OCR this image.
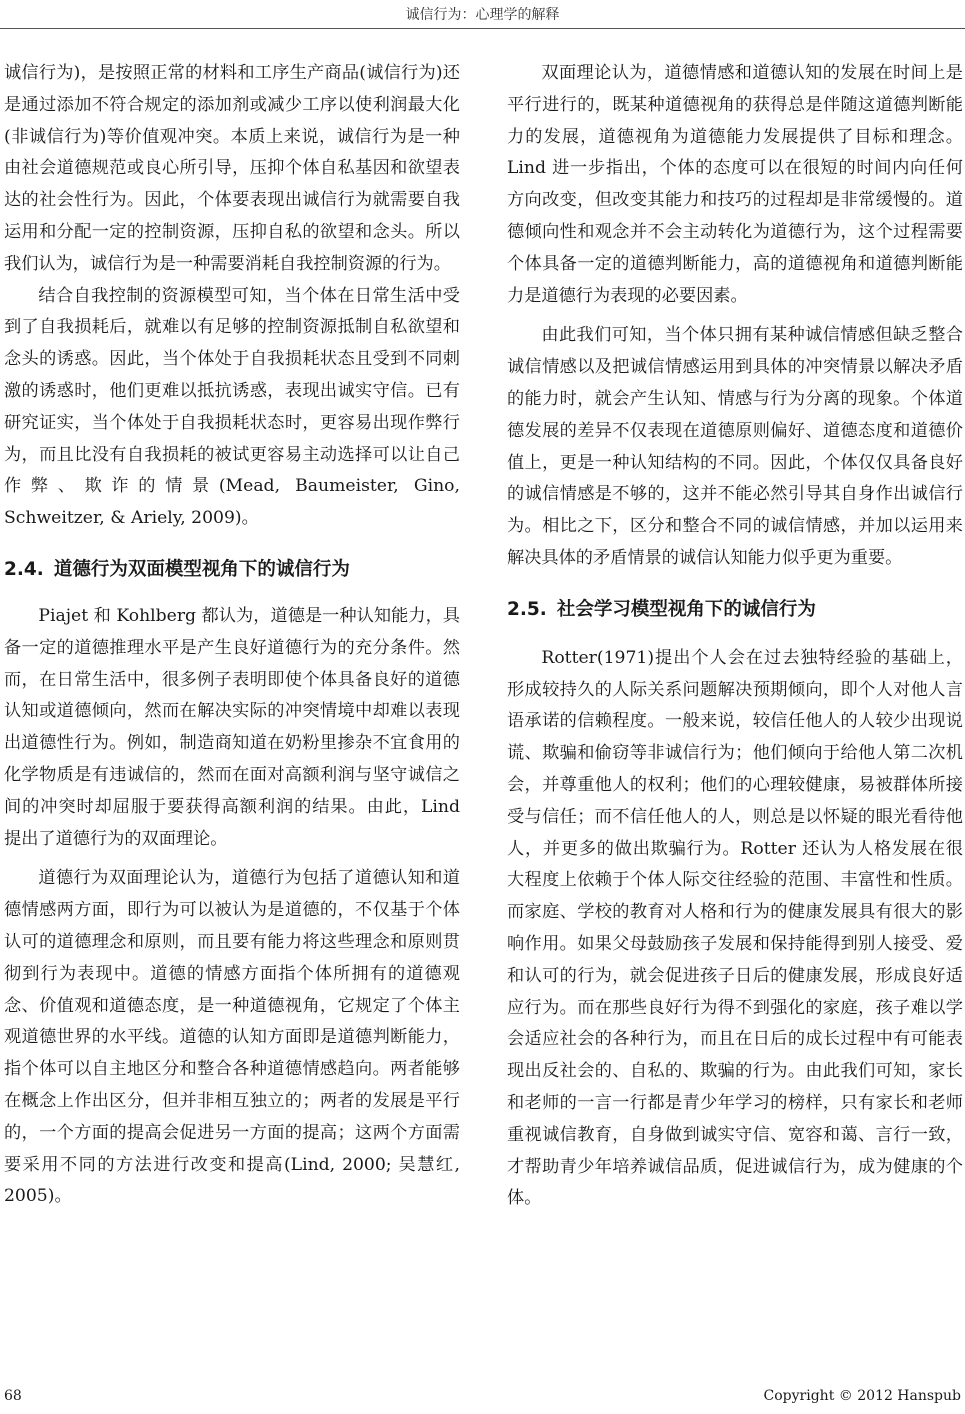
诚信行为：心理学的解释

诚信行为)，是按照正常的材料和工序生产商品(诚信行为)还是通过添加不符合规定的添加剂或减少工序以使利润最大化(非诚信行为)等价值观冲突。本质上来说，诚信行为是一种由社会道德规范或良心所引导，压抑个体自私基因和欲望表达的社会性行为。因此，个体要表现出诚信行为就需要自我运用和分配一定的控制资源，压抑自私的欲望和念头。所以我们认为，诚信行为是一种需要消耗自我控制资源的行为。

结合自我控制的资源模型可知，当个体在日常生活中受到了自我损耗后，就难以有足够的控制资源抵制自私欲望和念头的诱惑。因此，当个体处于自我损耗状态且受到不同刺激的诱惑时，他们更难以抵抗诱惑，表现出诚实守信。已有研究证实，当个体处于自我损耗状态时，更容易出现作弊行为，而且比没有自我损耗的被试更容易主动选择可以让自己作弊、欺诈的情景(Mead, Baumeister, Gino, Schweitzer, & Ariely, 2009)。

2.4. 道德行为双面模型视角下的诚信行为

Piajet 和 Kohlberg 都认为，道德是一种认知能力，具备一定的道德推理水平是产生良好道德行为的充分条件。然而，在日常生活中，很多例子表明即使个体具备良好的道德认知或道德倾向，然而在解决实际的冲突情境中却难以表现出道德性行为。例如，制造商知道在奶粉里掺杂不宜食用的化学物质是有违诚信的，然而在面对高额利润与坚守诚信之间的冲突时却屈服于要获得高额利润的结果。由此，Lind 提出了道德行为的双面理论。

道德行为双面理论认为，道德行为包括了道德认知和道德情感两方面，即行为可以被认为是道德的，不仅基于个体认可的道德理念和原则，而且要有能力将这些理念和原则贯彻到行为表现中。道德的情感方面指个体所拥有的道德观念、价值观和道德态度，是一种道德视角，它规定了个体主观道德世界的水平线。道德的认知方面即是道德判断能力，指个体可以自主地区分和整合各种道德情感趋向。两者能够在概念上作出区分，但并非相互独立的；两者的发展是平行的，一个方面的提高会促进另一方面的提高；这两个方面需要采用不同的方法进行改变和提高(Lind, 2000; 吴慧红, 2005)。

双面理论认为，道德情感和道德认知的发展在时间上是平行进行的，既某种道德视角的获得总是伴随这道德判断能力的发展，道德视角为道德能力发展提供了目标和理念。Lind 进一步指出，个体的态度可以在很短的时间内向任何方向改变，但改变其能力和技巧的过程却是非常缓慢的。道德倾向性和观念并不会主动转化为道德行为，这个过程需要个体具备一定的道德判断能力，高的道德视角和道德判断能力是道德行为表现的必要因素。

由此我们可知，当个体只拥有某种诚信情感但缺乏整合诚信情感以及把诚信情感运用到具体的冲突情景以解决矛盾的能力时，就会产生认知、情感与行为分离的现象。个体道德发展的差异不仅表现在道德原则偏好、道德态度和道德价值上，更是一种认知结构的不同。因此，个体仅仅具备良好的诚信情感是不够的，这并不能必然引导其自身作出诚信行为。相比之下，区分和整合不同的诚信情感，并加以运用来解决具体的矛盾情景的诚信认知能力似乎更为重要。

2.5. 社会学习模型视角下的诚信行为

Rotter(1971)提出个人会在过去独特经验的基础上，形成较持久的人际关系问题解决预期倾向，即个人对他人言语承诺的信赖程度。一般来说，较信任他人的人较少出现说谎、欺骗和偷窃等非诚信行为；他们倾向于给他人第二次机会，并尊重他人的权利；他们的心理较健康，易被群体所接受与信任；而不信任他人的人，则总是以怀疑的眼光看待他人，并更多的做出欺骗行为。Rotter 还认为人格发展在很大程度上依赖于个体人际交往经验的范围、丰富性和性质。而家庭、学校的教育对人格和行为的健康发展具有很大的影响作用。如果父母鼓励孩子发展和保持能得到别人接受、爱和认可的行为，就会促进孩子日后的健康发展，形成良好适应行为。而在那些良好行为得不到强化的家庭，孩子难以学会适应社会的各种行为，而且在日后的成长过程中有可能表现出反社会的、自私的、欺骗的行为。由此我们可知，家长和老师的一言一行都是青少年学习的榜样，只有家长和老师重视诚信教育，自身做到诚实守信、宽容和蔼、言行一致，才帮助青少年培养诚信品质，促进诚信行为，成为健康的个体。

68	Copyright © 2012 Hanspub
